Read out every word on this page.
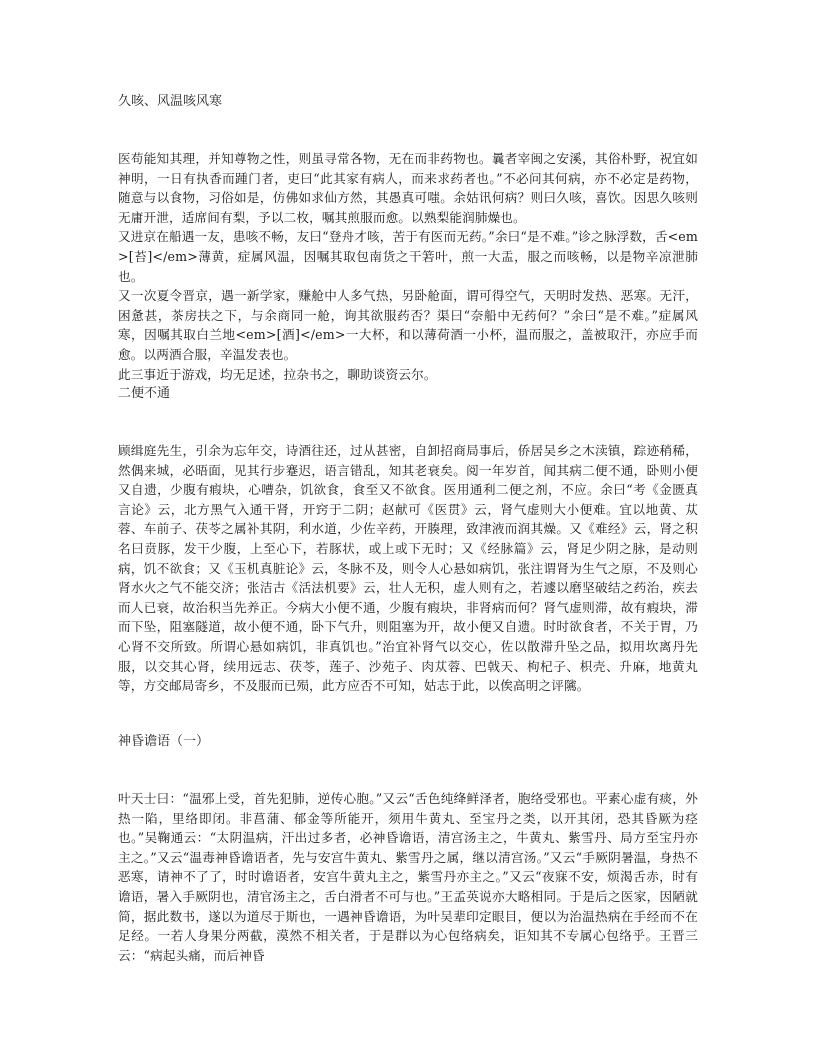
久咳、风温咳风寒

医苟能知其理，并知尊物之性，则虽寻常各物，无在而非药物也。曩者宰闽之安溪，其俗朴野，祝宜如神明，一日有执香而踵门者，吏曰“此其家有病人，而来求药者也。”不必问其何病，亦不必定是药物，随意与以食物，习俗如是，仿佛如求仙方然，其愚真可嗤。余姑讯何病？则曰久咳，喜饮。因思久咳则无庸开泄，适席间有梨，予以二枚，嘱其煎服而愈。以熟梨能润肺燥也。

又进京在船遇一友，患咳不畅，友曰“登舟才咳，苦于有医而无药。”余曰“是不难。”诊之脉浮数，舌<em>[苔]</em>薄黄，症属风温，因嘱其取包南货之干箬叶，煎一大盂，服之而咳畅，以是物辛凉泄肺也。

又一次夏令晋京，遇一新学家，赚舱中人多气热，另卧舱面，谓可得空气，天明时发热、恶寒。无汗，困惫甚，茶房扶之下，与余商同一舱，询其欲服药否？渠曰“奈船中无药何？”余曰“是不难。”症属风寒，因嘱其取白兰地<em>[酒]</em>一大杯，和以薄荷酒一小杯，温而服之，盖被取汗，亦应手而愈。以两酒合服，辛温发表也。

此三事近于游戏，均无足述，拉杂书之，聊助谈资云尔。

二便不通

顾缉庭先生，引余为忘年交，诗酒往还，过从甚密，自卸招商局事后，侨居吴乡之木渎镇，踪迹稍稀，然偶来城，必晤面，见其行步蹇迟，语言错乱，知其老衰矣。阅一年岁首，闻其病二便不通，卧则小便又自遗，少腹有瘕块，心嘈杂，饥欲食，食至又不欲食。医用通利二便之剂，不应。余曰“考《金匮真言论》云，北方黑气入通干肾，开窍于二阴；赵献可《医贯》云，肾气虚则大小便难。宜以地黄、苁蓉、车前子、茯苓之属补其阴，利水道，少佐辛药，开腠理，致津液而润其燥。又《难经》云，肾之积名曰贲豚，发干少腹，上至心下，若豚状，或上或下无时；又《经脉篇》云，肾足少阴之脉，是动则病，饥不欲食；又《玉机真脏论》云，冬脉不及，则令人心悬如病饥，张注谓肾为生气之原，不及则心肾水火之气不能交济；张洁古《活法机要》云，壮人无积，虚人则有之，若遽以磨坚破结之药治，疾去而人已衰，故治积当先养正。今病大小便不通，少腹有瘕块，非肾病而何？肾气虚则滞，故有瘕块，滞而下坠，阻塞隧道，故小便不通，卧下气升，则阻塞为开，故小便又自遗。时时欲食者，不关于胃，乃心肾不交所致。所谓心悬如病饥，非真饥也。”治宜补肾气以交心，佐以散滞升坠之品，拟用坎离丹先服，以交其心肾，续用远志、茯苓，莲子、沙苑子、肉苁蓉、巴戟天、枸杞子、枳壳、升麻，地黄丸等，方交邮局寄乡，不及服而已殒，此方应否不可知，姑志于此，以俟高明之评隲。

神昏谵语（一）

叶天士曰：“温邪上受，首先犯肺，逆传心胞。”又云“舌色纯绛鲜泽者，胞络受邪也。平素心虚有痰，外热一陷，里络即闭。非菖蒲、郁金等所能开，须用牛黄丸、至宝丹之类，以开其闭，恐其昏厥为痉也。”吴鞠通云：“太阴温病，汗出过多者，必神昏谵语，清宫汤主之，牛黄丸、紫雪丹、局方至宝丹亦主之。”又云“温毒神昏谵语者，先与安宫牛黄丸、紫雪丹之属，继以清宫汤。”又云“手厥阴暑温，身热不恶寒，请神不了了，时时谵语者，安宫牛黄丸主之，紫雪丹亦主之。”又云“夜寐不安，烦渴舌赤，时有谵语，暑入手厥阴也，清官汤主之，舌白滑者不可与也。”王孟英说亦大略相同。于是后之医家，因陋就简，据此数书，遂以为道尽于斯也，一遇神昏谵语，为叶吴辈印定眼目，便以为治温热病在手经而不在足经。一若人身果分两截，漠然不相关者，于是群以为心包络病矣，讵知其不专属心包络乎。王晋三云：“病起头痛，而后神昏
